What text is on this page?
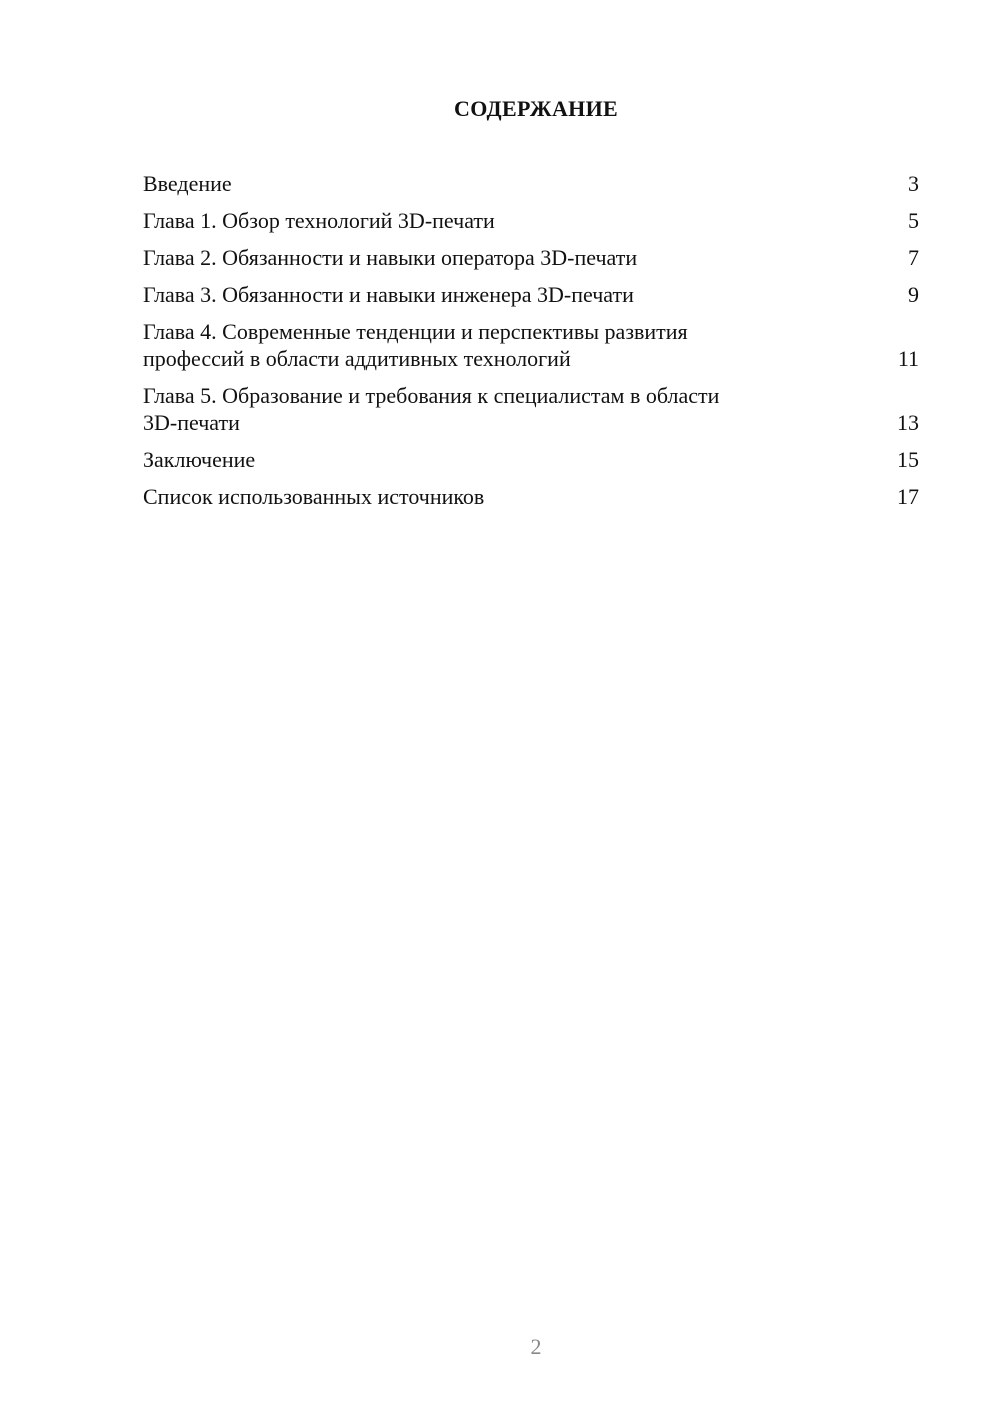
СОДЕРЖАНИЕ
Введение	3
Глава 1. Обзор технологий 3D-печати	5
Глава 2. Обязанности и навыки оператора 3D-печати	7
Глава 3. Обязанности и навыки инженера 3D-печати	9
Глава 4. Современные тенденции и перспективы развития
профессий в области аддитивных технологий	11
Глава 5. Образование и требования к специалистам в области
3D-печати	13
Заключение	15
Список использованных источников	17
2
